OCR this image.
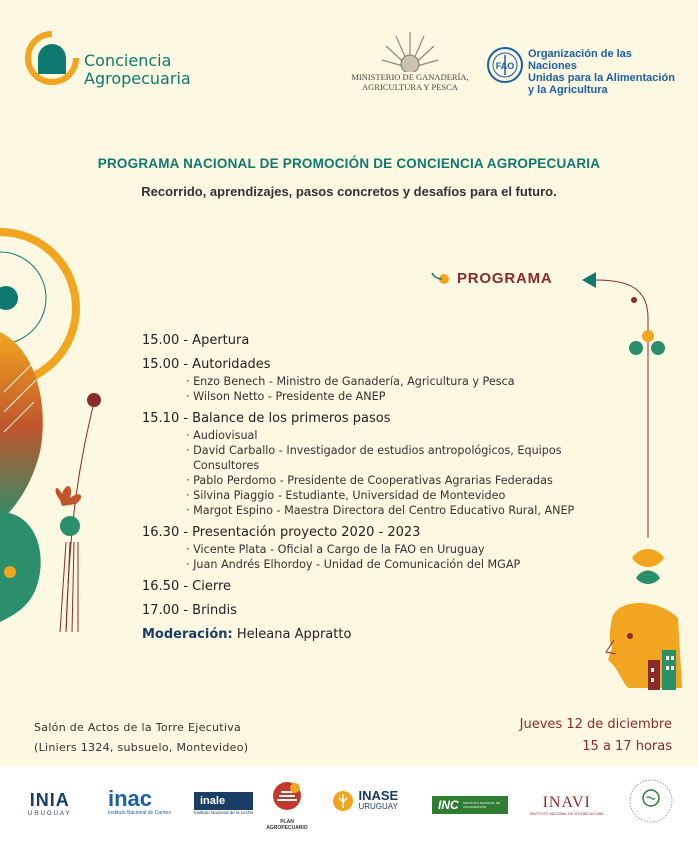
Conciencia
Agropecuaria	MINISTERIO DE GANADERÍA,
AGRICULTURA Y PESCA
FAO
Organización de las Naciones
Unidas para la Alimentación
y la Agricultura
PROGRAMA NACIONAL DE PROMOCIÓN DE CONCIENCIA AGROPECUARIA
Recorrido, aprendizajes, pasos concretos y desafíos para el futuro.
PROGRAMA
15.00 - Apertura
15.00 - Autoridades
· Enzo Benech - Ministro de Ganadería, Agricultura y Pesca
· Wilson Netto - Presidente de ANEP
15.10 - Balance de los primeros pasos
· Audiovisual
· David Carballo - Investigador de estudios antropológicos, Equipos
Consultores
· Pablo Perdomo - Presidente de Cooperativas Agrarias Federadas
· Silvina Piaggio - Estudiante, Universidad de Montevideo
· Margot Espino - Maestra Directora del Centro Educativo Rural, ANEP
16.30 - Presentación proyecto 2020 - 2023
· Vicente Plata - Oficial a Cargo de la FAO en Uruguay
· Juan Andrés Elhordoy - Unidad de Comunicación del MGAP
16.50 - Cierre
17.00 - Brindis
Moderación: Heleana Appratto
Salón de Actos de la Torre Ejecutiva
(Liniers 1324, subsuelo, Montevideo)
Jueves 12 de diciembre
15 a 17 horas
INIA
URUGUAY
inac
Instituto Nacional de Carnes
inale
Instituto Nacional de la Leche
PLAN AGROPECUARIO

INASE
URUGUAY	INC INSTITUTO NACIONAL DE COLONIZACIÓN	INAVI
INSTITUTO NACIONAL DE VITIVINICULTURA
